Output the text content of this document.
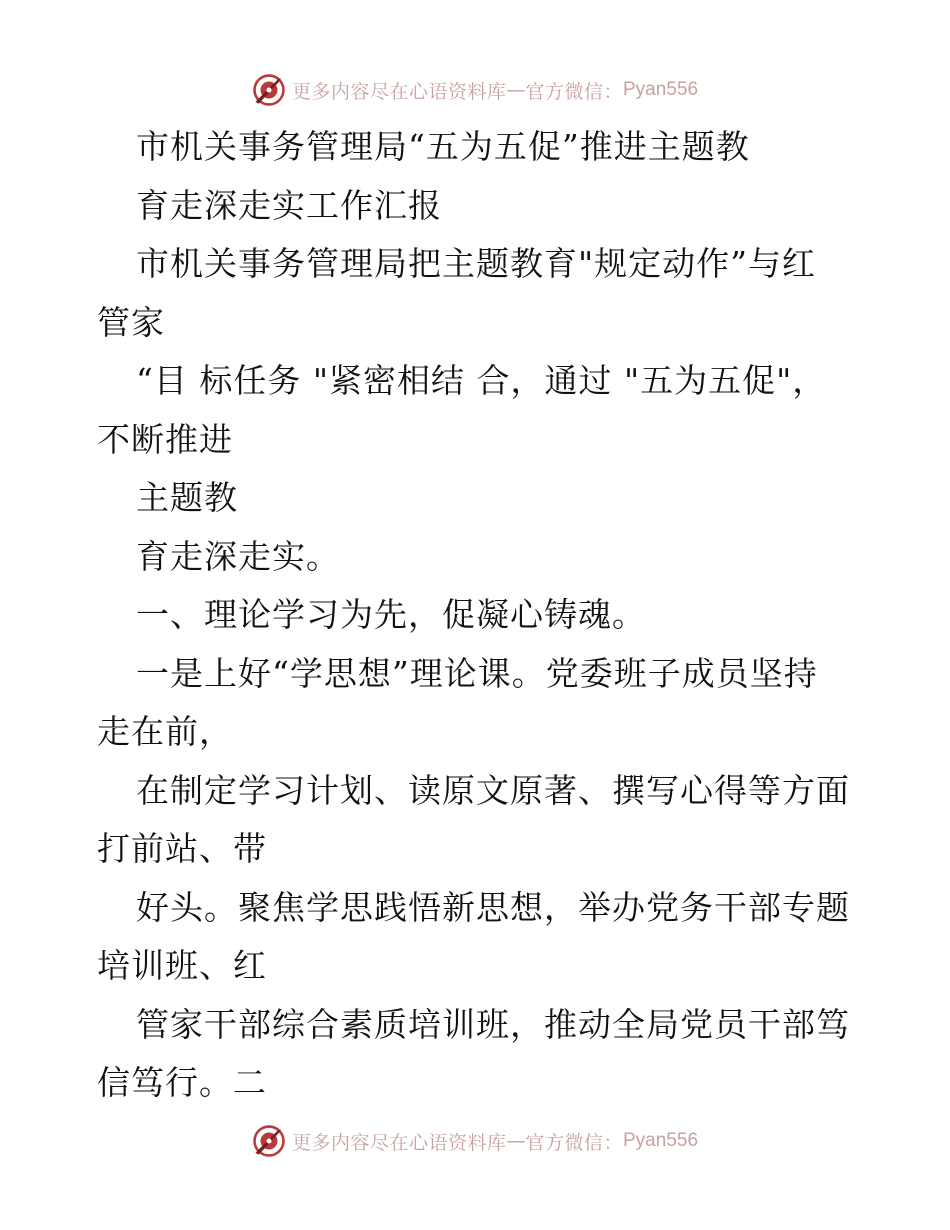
更多内容尽在心语资料库 — 官方微信： Pyan556
市机关事务管理局“五为五促”推进主题教
育走深走实工作汇报
市机关事务管理局把主题教育"规定动作”与红
管家
“目 标任务 "紧密相结 合，通过 "五为五促"，
不断推进
主题教
育走深走实。
一、理论学习为先，促凝心铸魂。
一是上好“学思想”理论课。党委班子成员坚持
走在前，
在制定学习计划、读原文原著、撰写心得等方面
打前站、带
好头。聚焦学思践悟新思想，举办党务干部专题
培训班、红
管家干部综合素质培训班，推动全局党员干部笃
信笃行。二
更多内容尽在心语资料库 — 官方微信： Pyan556
